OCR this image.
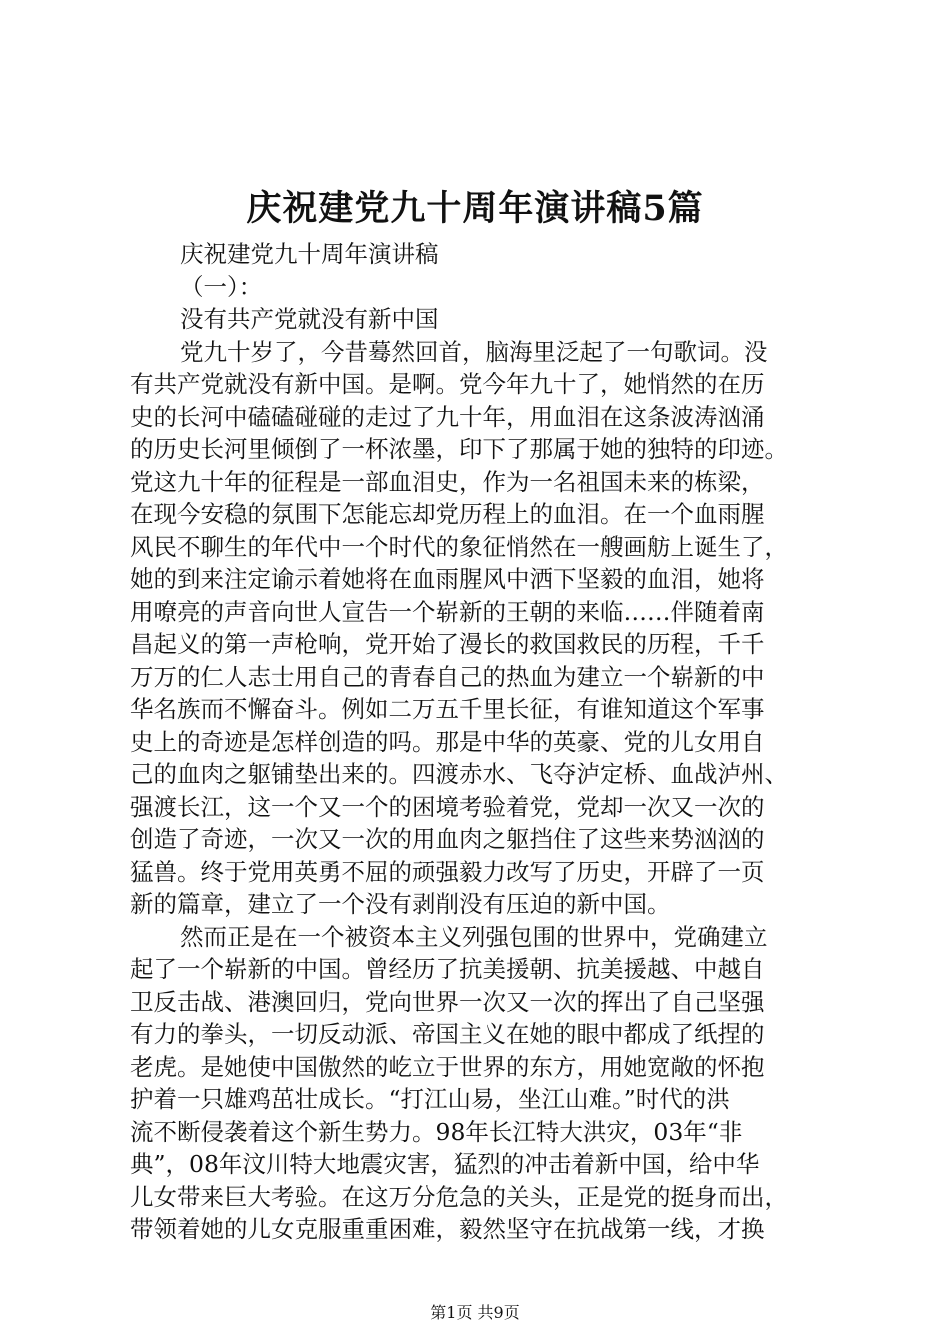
庆祝建党九十周年演讲稿5篇
庆祝建党九十周年演讲稿
（一）：
没有共产党就没有新中国
党九十岁了，今昔蓦然回首，脑海里泛起了一句歌词。没
有共产党就没有新中国。是啊。党今年九十了，她悄然的在历
史的长河中磕磕碰碰的走过了九十年，用血泪在这条波涛汹涌
的历史长河里倾倒了一杯浓墨，印下了那属于她的独特的印迹。
党这九十年的征程是一部血泪史，作为一名祖国未来的栋梁，
在现今安稳的氛围下怎能忘却党历程上的血泪。在一个血雨腥
风民不聊生的年代中一个时代的象征悄然在一艘画舫上诞生了，
她的到来注定谕示着她将在血雨腥风中洒下坚毅的血泪，她将
用嘹亮的声音向世人宣告一个崭新的王朝的来临……伴随着南
昌起义的第一声枪响，党开始了漫长的救国救民的历程，千千
万万的仁人志士用自己的青春自己的热血为建立一个崭新的中
华名族而不懈奋斗。例如二万五千里长征，有谁知道这个军事
史上的奇迹是怎样创造的吗。那是中华的英豪、党的儿女用自
己的血肉之躯铺垫出来的。四渡赤水、飞夺泸定桥、血战泸州、
强渡长江，这一个又一个的困境考验着党，党却一次又一次的
创造了奇迹，一次又一次的用血肉之躯挡住了这些来势汹汹的
猛兽。终于党用英勇不屈的顽强毅力改写了历史，开辟了一页
新的篇章，建立了一个没有剥削没有压迫的新中国。
然而正是在一个被资本主义列强包围的世界中，党确建立
起了一个崭新的中国。曾经历了抗美援朝、抗美援越、中越自
卫反击战、港澳回归，党向世界一次又一次的挥出了自己坚强
有力的拳头，一切反动派、帝国主义在她的眼中都成了纸捏的
老虎。是她使中国傲然的屹立于世界的东方，用她宽敞的怀抱
护着一只雄鸡茁壮成长。“打江山易，坐江山难。”时代的洪
流不断侵袭着这个新生势力。98年长江特大洪灾，03年“非
典”，08年汶川特大地震灾害，猛烈的冲击着新中国，给中华
儿女带来巨大考验。在这万分危急的关头，正是党的挺身而出，
带领着她的儿女克服重重困难，毅然坚守在抗战第一线，才换
第1页 共9页
